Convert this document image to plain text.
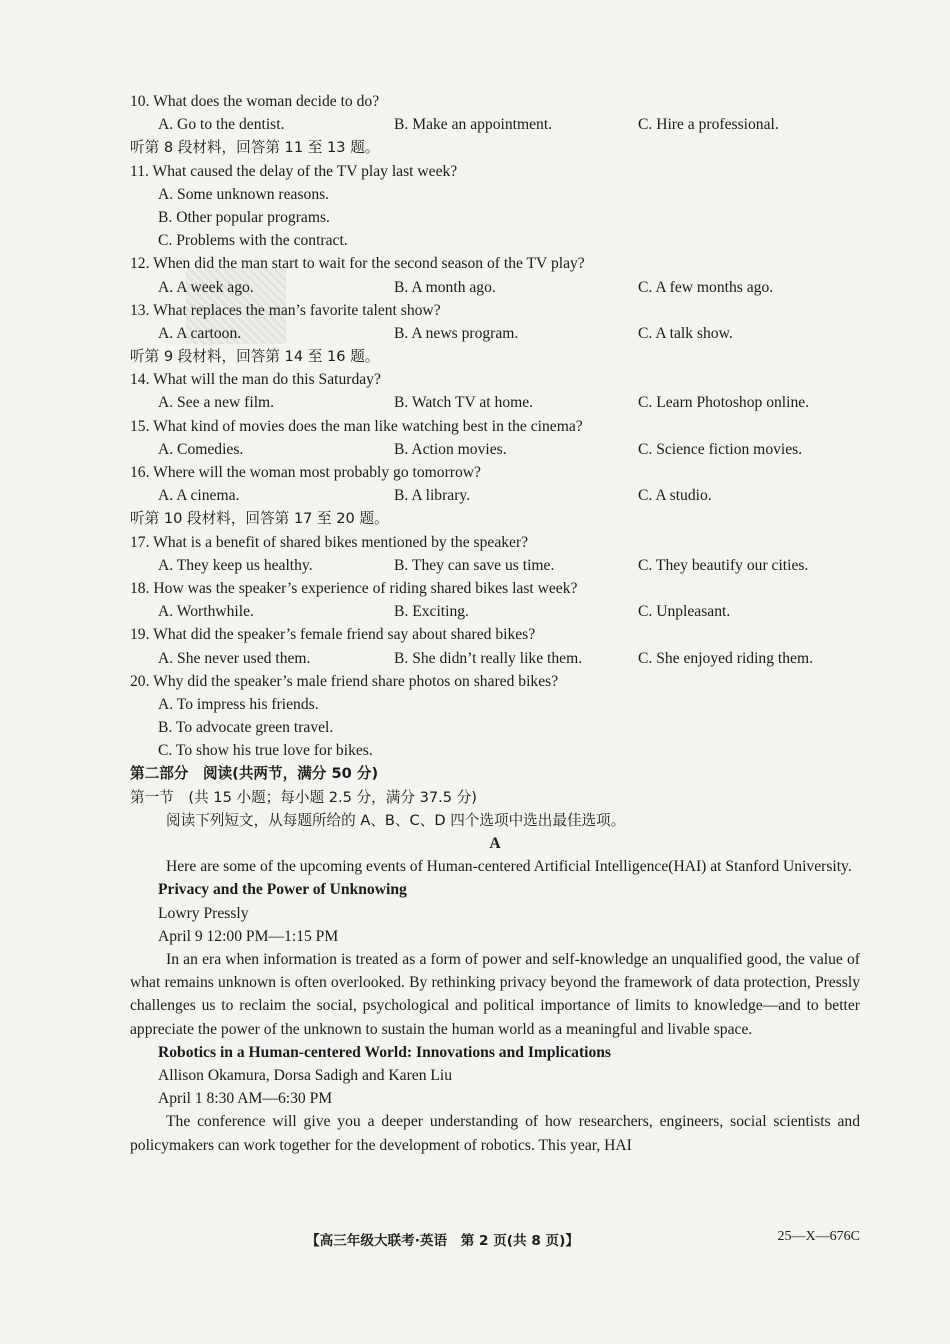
10. What does the woman decide to do?
A. Go to the dentist.	B. Make an appointment.	C. Hire a professional.
听第 8 段材料，回答第 11 至 13 题。
11. What caused the delay of the TV play last week?
A. Some unknown reasons.
B. Other popular programs.
C. Problems with the contract.
12. When did the man start to wait for the second season of the TV play?
A. A week ago.	B. A month ago.	C. A few months ago.
13. What replaces the man’s favorite talent show?
A. A cartoon.	B. A news program.	C. A talk show.
听第 9 段材料，回答第 14 至 16 题。
14. What will the man do this Saturday?
A. See a new film.	B. Watch TV at home.	C. Learn Photoshop online.
15. What kind of movies does the man like watching best in the cinema?
A. Comedies.	B. Action movies.	C. Science fiction movies.
16. Where will the woman most probably go tomorrow?
A. A cinema.	B. A library.	C. A studio.
听第 10 段材料，回答第 17 至 20 题。
17. What is a benefit of shared bikes mentioned by the speaker?
A. They keep us healthy.	B. They can save us time.	C. They beautify our cities.
18. How was the speaker’s experience of riding shared bikes last week?
A. Worthwhile.	B. Exciting.	C. Unpleasant.
19. What did the speaker’s female friend say about shared bikes?
A. She never used them.	B. She didn’t really like them.	C. She enjoyed riding them.
20. Why did the speaker’s male friend share photos on shared bikes?
A. To impress his friends.
B. To advocate green travel.
C. To show his true love for bikes.
第二部分　阅读(共两节，满分 50 分)
第一节　(共 15 小题；每小题 2.5 分，满分 37.5 分)
阅读下列短文，从每题所给的 A、B、C、D 四个选项中选出最佳选项。
A
Here are some of the upcoming events of Human-centered Artificial Intelligence(HAI) at Stanford University.
Privacy and the Power of Unknowing
Lowry Pressly
April 9 12:00 PM—1:15 PM
In an era when information is treated as a form of power and self-knowledge an unqualified good, the value of what remains unknown is often overlooked. By rethinking privacy beyond the framework of data protection, Pressly challenges us to reclaim the social, psychological and political importance of limits to knowledge—and to better appreciate the power of the unknown to sustain the human world as a meaningful and livable space.
Robotics in a Human-centered World: Innovations and Implications
Allison Okamura, Dorsa Sadigh and Karen Liu
April 1 8:30 AM—6:30 PM
The conference will give you a deeper understanding of how researchers, engineers, social scientists and policymakers can work together for the development of robotics. This year, HAI
【高三年级大联考·英语　第 2 页(共 8 页)】	25—X—676C
